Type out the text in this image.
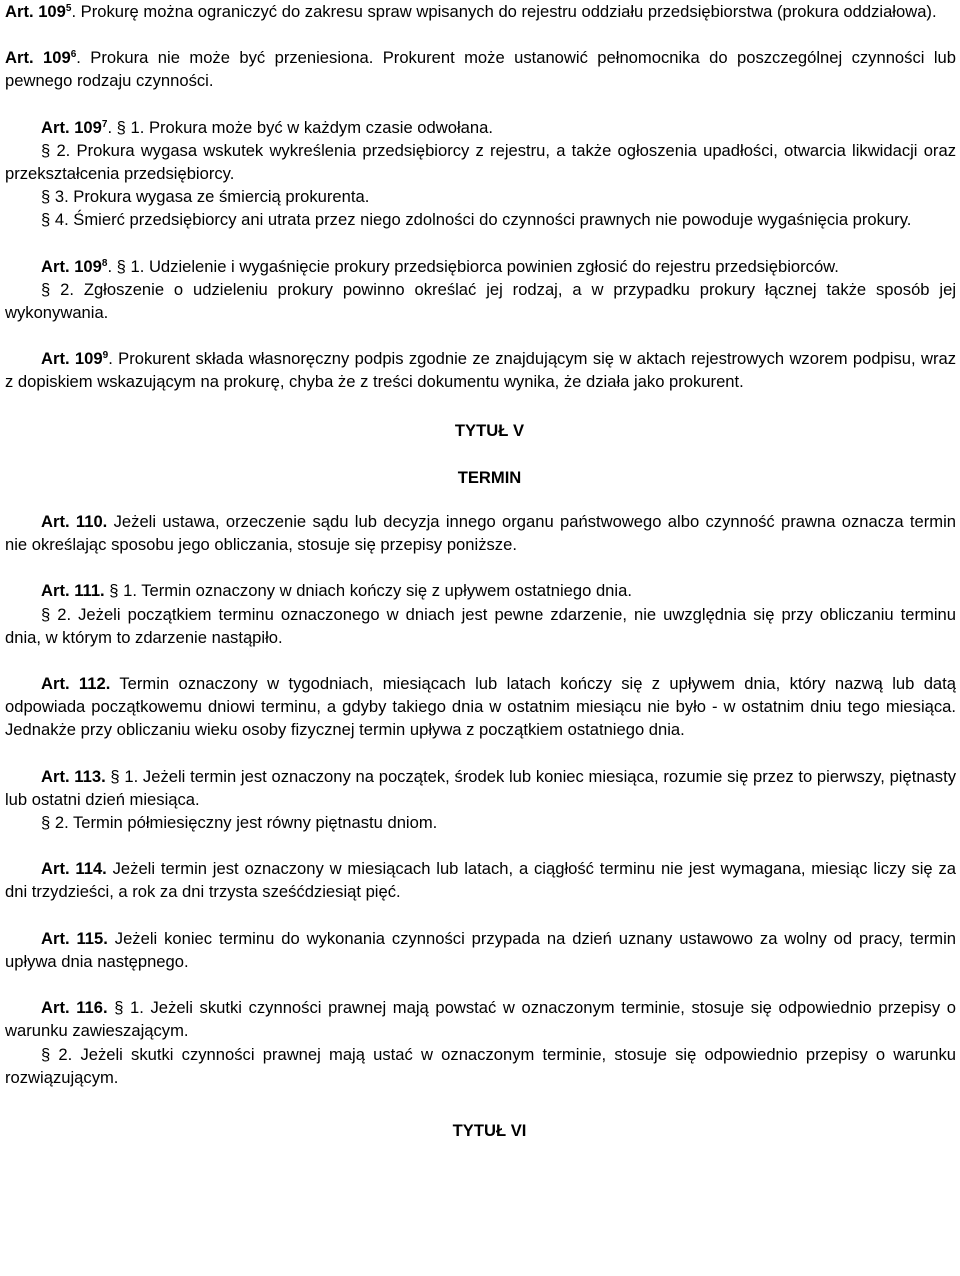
Art. $109^5$. Prokurę można ograniczyć do zakresu spraw wpisanych do rejestru oddziału przedsiębiorstwa (prokura oddziałowa).

Art. $109^6$. Prokura nie może być przeniesiona. Prokurent może ustanowić pełnomocnika do poszczególnej czynności lub pewnego rodzaju czynności.

Art. $109^7$. § 1. Prokura może być w każdym czasie odwołana.

§ 2. Prokura wygasa wskutek wykreślenia przedsiębiorcy z rejestru, a także ogłoszenia upadłości, otwarcia likwidacji oraz przekształcenia przedsiębiorcy.

§ 3. Prokura wygasa ze śmiercią prokurenta.

§ 4. Śmierć przedsiębiorcy ani utrata przez niego zdolności do czynności prawnych nie powoduje wygaśnięcia prokury.

Art. $109^8$. § 1. Udzielenie i wygaśnięcie prokury przedsiębiorca powinien zgłosić do rejestru przedsiębiorców.

§ 2. Zgłoszenie o udzieleniu prokury powinno określać jej rodzaj, a w przypadku prokury łącznej także sposób jej wykonywania.

Art. $109^9$. Prokurent składa własnoręczny podpis zgodnie ze znajdującym się w aktach rejestrowych wzorem podpisu, wraz z dopiskiem wskazującym na prokurę, chyba że z treści dokumentu wynika, że działa jako prokurent.

TYTUŁ V

TERMIN

Art. 110. Jeżeli ustawa, orzeczenie sądu lub decyzja innego organu państwowego albo czynność prawna oznacza termin nie określając sposobu jego obliczania, stosuje się przepisy poniższe.

Art. 111. § 1. Termin oznaczony w dniach kończy się z upływem ostatniego dnia.

§ 2. Jeżeli początkiem terminu oznaczonego w dniach jest pewne zdarzenie, nie uwzględnia się przy obliczaniu terminu dnia, w którym to zdarzenie nastąpiło.

Art. 112. Termin oznaczony w tygodniach, miesiącach lub latach kończy się z upływem dnia, który nazwą lub datą odpowiada początkowemu dniowi terminu, a gdyby takiego dnia w ostatnim miesiącu nie było - w ostatnim dniu tego miesiąca. Jednakże przy obliczaniu wieku osoby fizycznej termin upływa z początkiem ostatniego dnia.

Art. 113. § 1. Jeżeli termin jest oznaczony na początek, środek lub koniec miesiąca, rozumie się przez to pierwszy, piętnasty lub ostatni dzień miesiąca.

§ 2. Termin półmiesięczny jest równy piętnastu dniom.

Art. 114. Jeżeli termin jest oznaczony w miesiącach lub latach, a ciągłość terminu nie jest wymagana, miesiąc liczy się za dni trzydzieści, a rok za dni trzysta sześćdziesiąt pięć.

Art. 115. Jeżeli koniec terminu do wykonania czynności przypada na dzień uznany ustawowo za wolny od pracy, termin upływa dnia następnego.

Art. 116. § 1. Jeżeli skutki czynności prawnej mają powstać w oznaczonym terminie, stosuje się odpowiednio przepisy o warunku zawieszającym.

§ 2. Jeżeli skutki czynności prawnej mają ustać w oznaczonym terminie, stosuje się odpowiednio przepisy o warunku rozwiązującym.

TYTUŁ VI
